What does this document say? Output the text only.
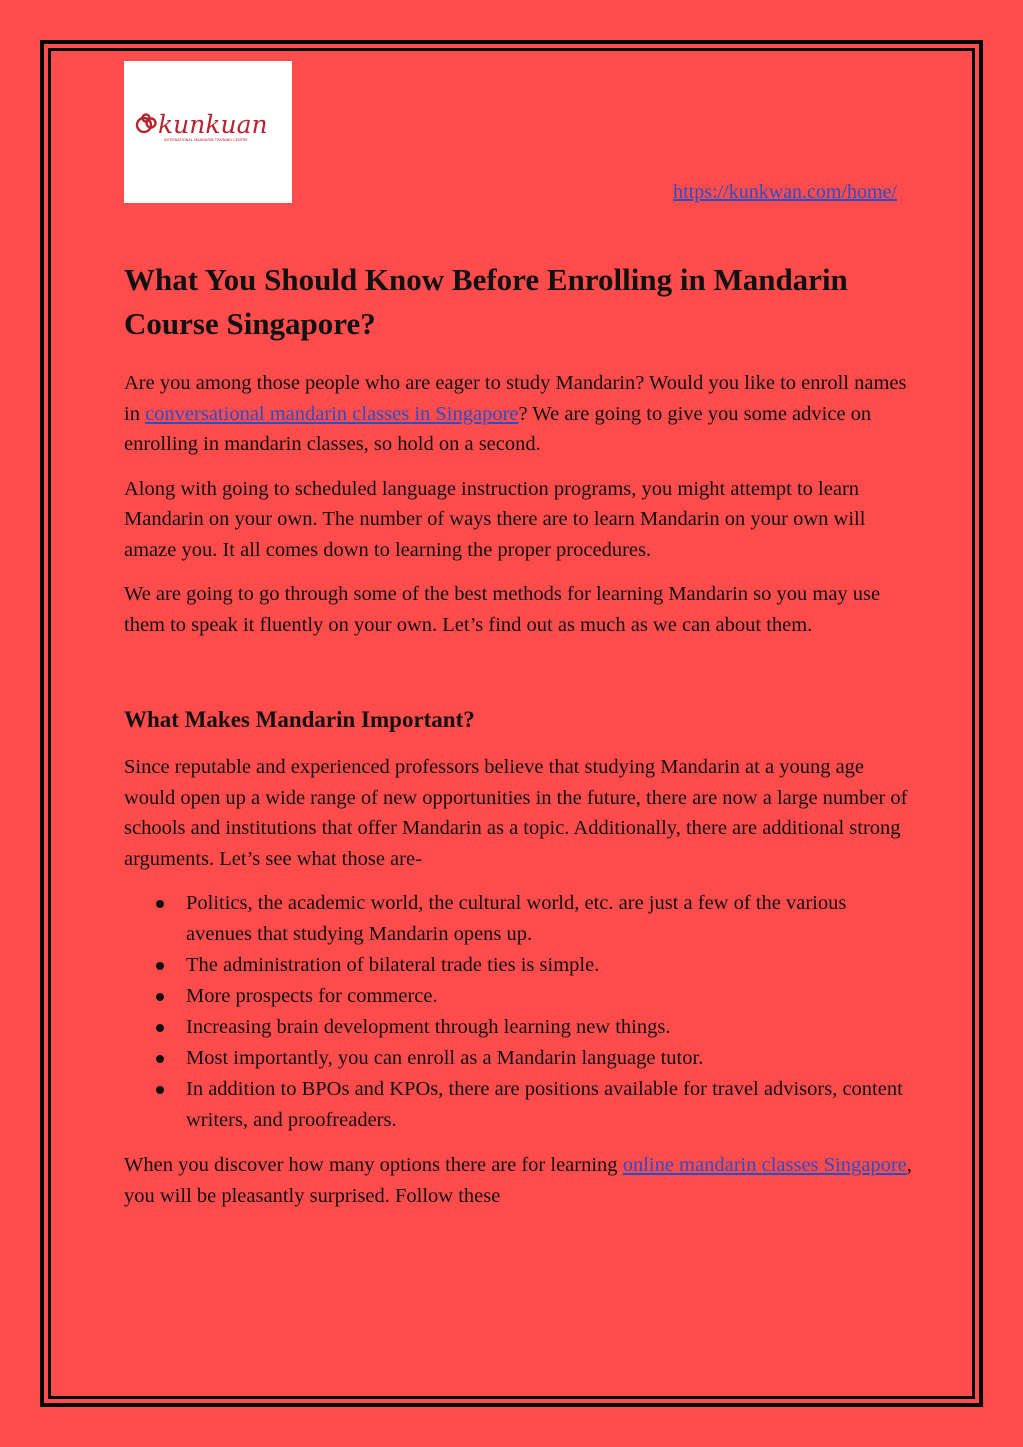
kunkuan
INTERNATIONAL MANDARIN TRAINING CENTRE
https://kunkwan.com/home/
What You Should Know Before Enrolling in Mandarin Course Singapore?

Are you among those people who are eager to study Mandarin? Would you like to enroll names in conversational mandarin classes in Singapore? We are going to give you some advice on enrolling in mandarin classes, so hold on a second.

Along with going to scheduled language instruction programs, you might attempt to learn Mandarin on your own. The number of ways there are to learn Mandarin on your own will amaze you. It all comes down to learning the proper procedures.

We are going to go through some of the best methods for learning Mandarin so you may use them to speak it fluently on your own. Let’s find out as much as we can about them.

What Makes Mandarin Important?

Since reputable and experienced professors believe that studying Mandarin at a young age would open up a wide range of new opportunities in the future, there are now a large number of schools and institutions that offer Mandarin as a topic. Additionally, there are additional strong arguments. Let’s see what those are-

Politics, the academic world, the cultural world, etc. are just a few of the various avenues that studying Mandarin opens up.
The administration of bilateral trade ties is simple.
More prospects for commerce.
Increasing brain development through learning new things.
Most importantly, you can enroll as a Mandarin language tutor.
In addition to BPOs and KPOs, there are positions available for travel advisors, content writers, and proofreaders.

When you discover how many options there are for learning online mandarin classes Singapore, you will be pleasantly surprised. Follow these
